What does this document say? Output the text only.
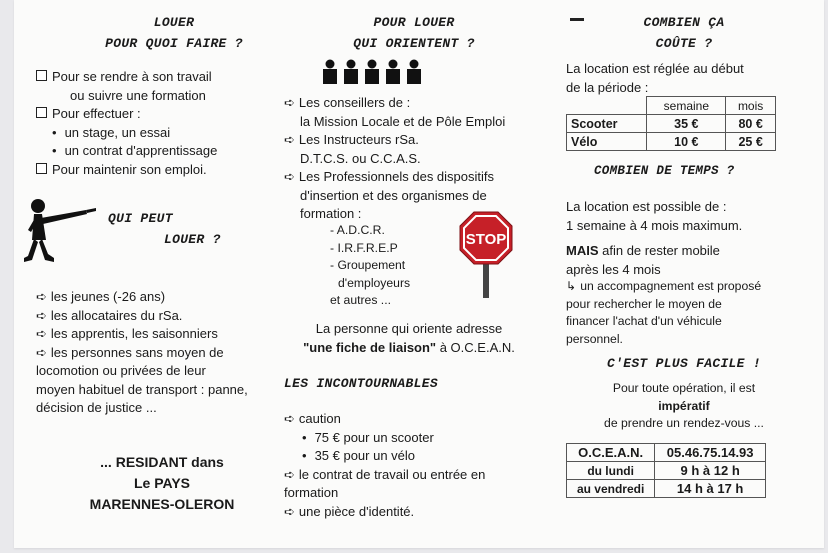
LOUER
POUR QUOI FAIRE ?
Pour se rendre à son travail
ou suivre une formation
Pour effectuer :
• un stage, un essai
• un contrat d'apprentissage
Pour maintenir son emploi.
QUI PEUT
LOUER ?
➪ les jeunes (-26 ans)
➪ les allocataires du rSa.
➪ les apprentis, les saisonniers
➪ les personnes sans moyen de
locomotion ou privées de leur
moyen habituel de transport : panne,
décision de justice ...
... RESIDANT dans
Le PAYS
MARENNES-OLERON
POUR LOUER
QUI ORIENTENT ?
➪ Les conseillers de :
la Mission Locale et de Pôle Emploi
➪ Les Instructeurs rSa.
D.T.C.S. ou C.C.A.S.
➪ Les Professionnels des dispositifs
d'insertion et des organismes de
formation :
- A.D.C.R.
- I.R.F.R.E.P
- Groupement
d'employeurs
et autres ...
STOP
La personne qui oriente adresse
"une fiche de liaison" à O.C.E.A.N.
LES INCONTOURNABLES
➪ caution
• 75 € pour un scooter
• 35 € pour un vélo
➪ le contrat de travail ou entrée en
formation
➪ une pièce d'identité.
COMBIEN ÇA
COÛTE ?
La location est réglée au début
de la période :
	semaine	mois
Scooter	35 €	80 €
Vélo	10 €	25 €
COMBIEN DE TEMPS ?
La location est possible de :
1 semaine à 4 mois maximum.
MAIS afin de rester mobile
après les 4 mois
↳ un accompagnement est proposé
pour rechercher le moyen de
financer l'achat d'un véhicule
personnel.
C'EST PLUS FACILE !
Pour toute opération, il est
impératif
de prendre un rendez-vous ...
O.C.E.A.N.	05.46.75.14.93
du lundi	9 h à 12 h
au vendredi	14 h à 17 h
